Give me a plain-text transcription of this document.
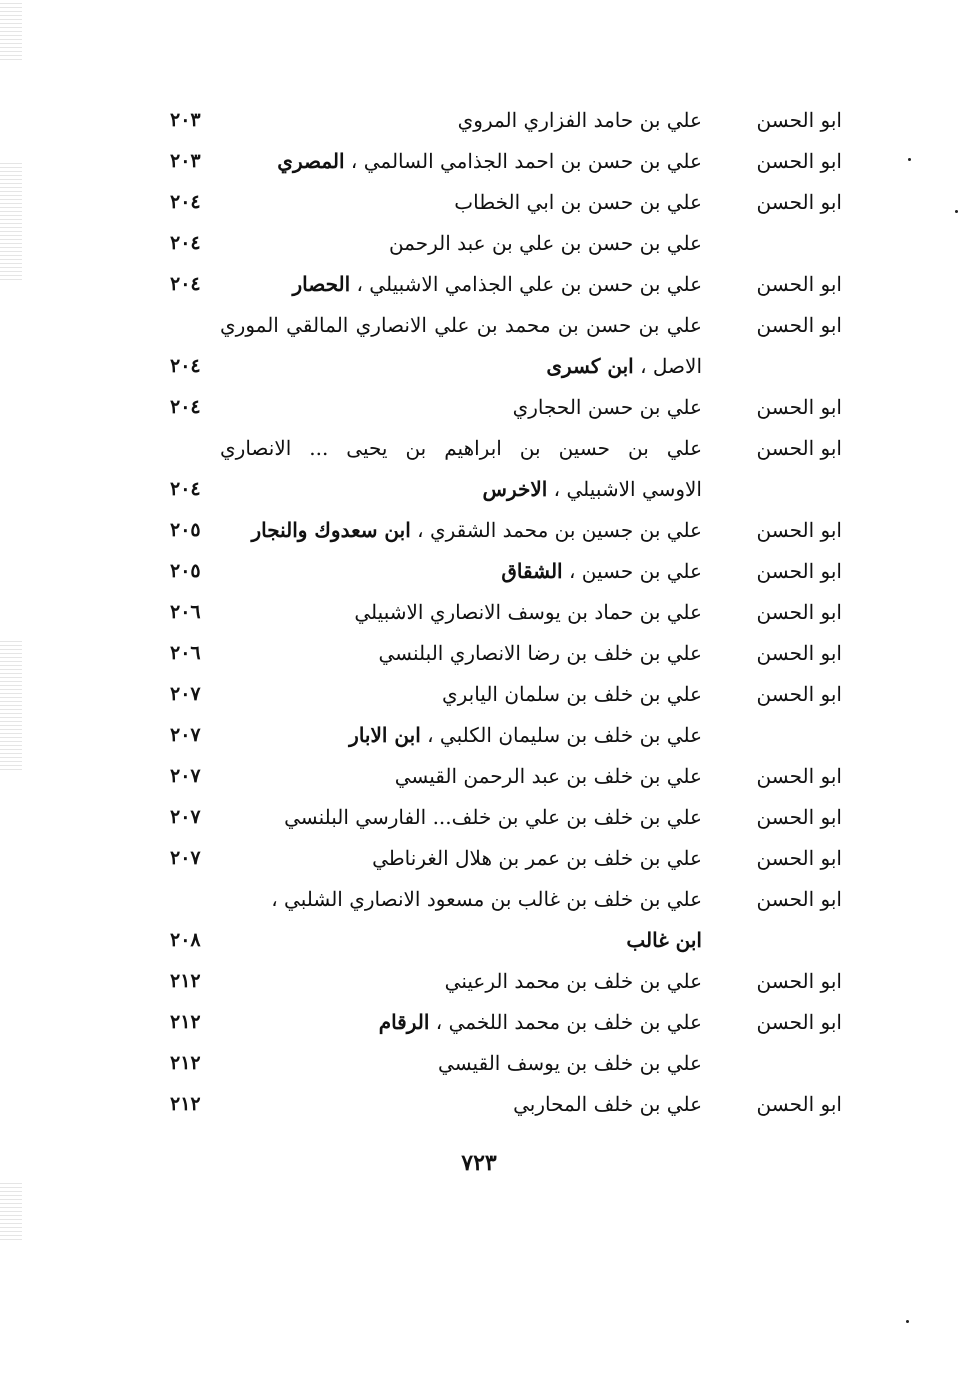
ابو الحسن
علي بن حامد الفزاري المروي
٢٠٣
ابو الحسن
علي بن حسن بن احمد الجذامي السالمي ، المصري
٢٠٣
ابو الحسن
علي بن حسن بن ابي الخطاب
٢٠٤
علي بن حسن بن علي بن عبد الرحمن
٢٠٤
ابو الحسن
علي بن حسن بن علي الجذامي الاشبيلي ، الحصار
٢٠٤
ابو الحسن
علي بن حسن بن محمد بن علي الانصاري المالقي الموري
الاصل ، ابن كسرى
٢٠٤
ابو الحسن
علي بن حسن الحجاري
٢٠٤
ابو الحسن
علي بن حسين بن ابراهيم بن يحيى ... الانصاري
الاوسي الاشبيلي ، الاخرس
٢٠٤
ابو الحسن
علي بن جسين بن محمد الشقري ، ابن سعدوك والنجار
٢٠٥
ابو الحسن
علي بن حسين ، الشقاق
٢٠٥
ابو الحسن
علي بن حماد بن يوسف الانصاري الاشبيلي
٢٠٦
ابو الحسن
علي بن خلف بن رضا الانصاري البلنسي
٢٠٦
ابو الحسن
علي بن خلف بن سلمان اليابري
٢٠٧
علي بن خلف بن سليمان الكلبي ، ابن الابار
٢٠٧
ابو الحسن
علي بن خلف بن عبد الرحمن القيسي
٢٠٧
ابو الحسن
علي بن خلف بن علي بن خلف... الفارسي البلنسي
٢٠٧
ابو الحسن
علي بن خلف بن عمر بن هلال الغرناطي
٢٠٧
ابو الحسن
علي بن خلف بن غالب بن مسعود الانصاري الشلبي ،
ابن غالب
٢٠٨
ابو الحسن
علي بن خلف بن محمد الرعيني
٢١٢
ابو الحسن
علي بن خلف بن محمد اللخمي ، الرقام
٢١٢
علي بن خلف بن يوسف القيسي
٢١٢
ابو الحسن
علي بن خلف المحاربي
٢١٢
٧٢٣
